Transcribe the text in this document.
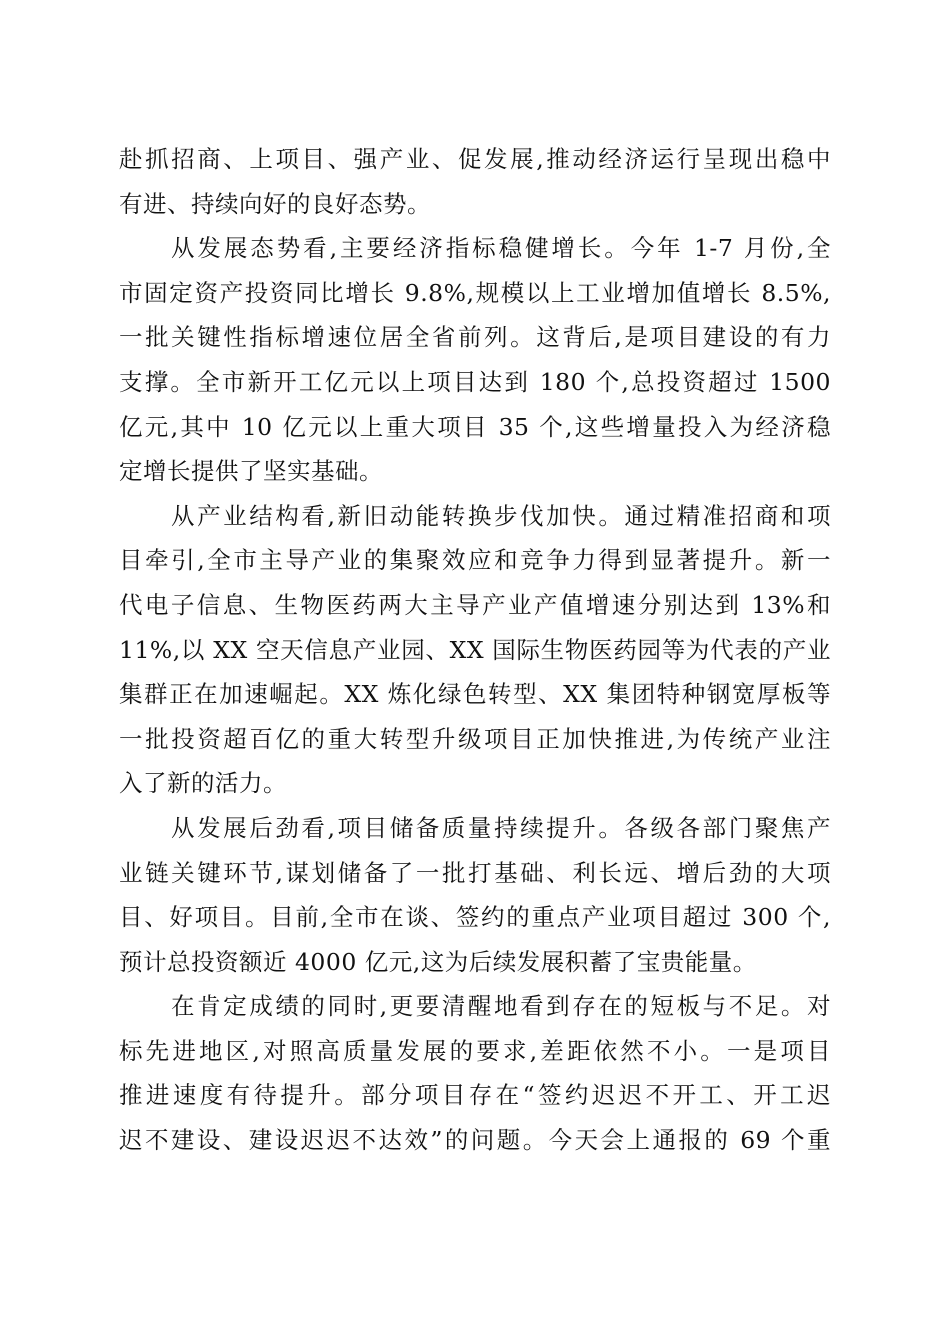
赴抓招商、上项目、强产业、促发展,推动经济运行呈现出稳中
有进、持续向好的良好态势。
从发展态势看,主要经济指标稳健增长。今年 1-7 月份,全
市固定资产投资同比增长 9.8%,规模以上工业增加值增长 8.5%,
一批关键性指标增速位居全省前列。这背后,是项目建设的有力
支撑。全市新开工亿元以上项目达到 180 个,总投资超过 1500
亿元,其中 10 亿元以上重大项目 35 个,这些增量投入为经济稳
定增长提供了坚实基础。
从产业结构看,新旧动能转换步伐加快。通过精准招商和项
目牵引,全市主导产业的集聚效应和竞争力得到显著提升。新一
代电子信息、生物医药两大主导产业产值增速分别达到 13%和
11%,以 XX 空天信息产业园、XX 国际生物医药园等为代表的产业
集群正在加速崛起。XX 炼化绿色转型、XX 集团特种钢宽厚板等
一批投资超百亿的重大转型升级项目正加快推进,为传统产业注
入了新的活力。
从发展后劲看,项目储备质量持续提升。各级各部门聚焦产
业链关键环节,谋划储备了一批打基础、利长远、增后劲的大项
目、好项目。目前,全市在谈、签约的重点产业项目超过 300 个,
预计总投资额近 4000 亿元,这为后续发展积蓄了宝贵能量。
在肯定成绩的同时,更要清醒地看到存在的短板与不足。对
标先进地区,对照高质量发展的要求,差距依然不小。一是项目
推进速度有待提升。部分项目存在“签约迟迟不开工、开工迟
迟不建设、建设迟迟不达效”的问题。今天会上通报的 69 个重
